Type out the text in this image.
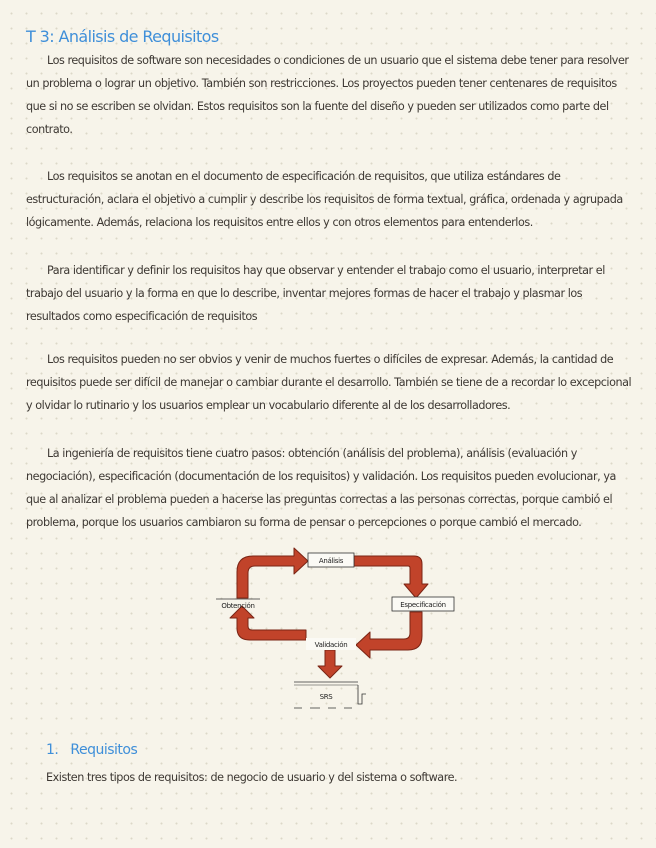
T 3: Análisis de Requisitos

Los requisitos de software son necesidades o condiciones de un usuario que el sistema debe tener para resolver un problema o lograr un objetivo. También son restricciones. Los proyectos pueden tener centenares de requisitos que si no se escriben se olvidan. Estos requisitos son la fuente del diseño y pueden ser utilizados como parte del contrato.

Los requisitos se anotan en el documento de especificación de requisitos, que utiliza estándares de estructuración, aclara el objetivo a cumplir y describe los requisitos de forma textual, gráfica, ordenada y agrupada lógicamente. Además, relaciona los requisitos entre ellos y con otros elementos para entenderlos.

Para identificar y definir los requisitos hay que observar y entender el trabajo como el usuario, interpretar el trabajo del usuario y la forma en que lo describe, inventar mejores formas de hacer el trabajo y plasmar los resultados como especificación de requisitos

Los requisitos pueden no ser obvios y venir de muchos fuertes o difíciles de expresar. Además, la cantidad de requisitos puede ser difícil de manejar o cambiar durante el desarrollo. También se tiene de a recordar lo excepcional y olvidar lo rutinario y los usuarios emplear un vocabulario diferente al de los desarrolladores.

La ingeniería de requisitos tiene cuatro pasos: obtención (análisis del problema), análisis (evaluación y negociación), especificación (documentación de los requisitos) y validación. Los requisitos pueden evolucionar, ya que al analizar el problema pueden a hacerse las preguntas correctas a las personas correctas, porque cambió el problema, porque los usuarios cambiaron su forma de pensar o percepciones o porque cambió el mercado.

Análisis
Obtención	Especificación
Validación
SRS
1. Requisitos

Existen tres tipos de requisitos: de negocio de usuario y del sistema o software.
